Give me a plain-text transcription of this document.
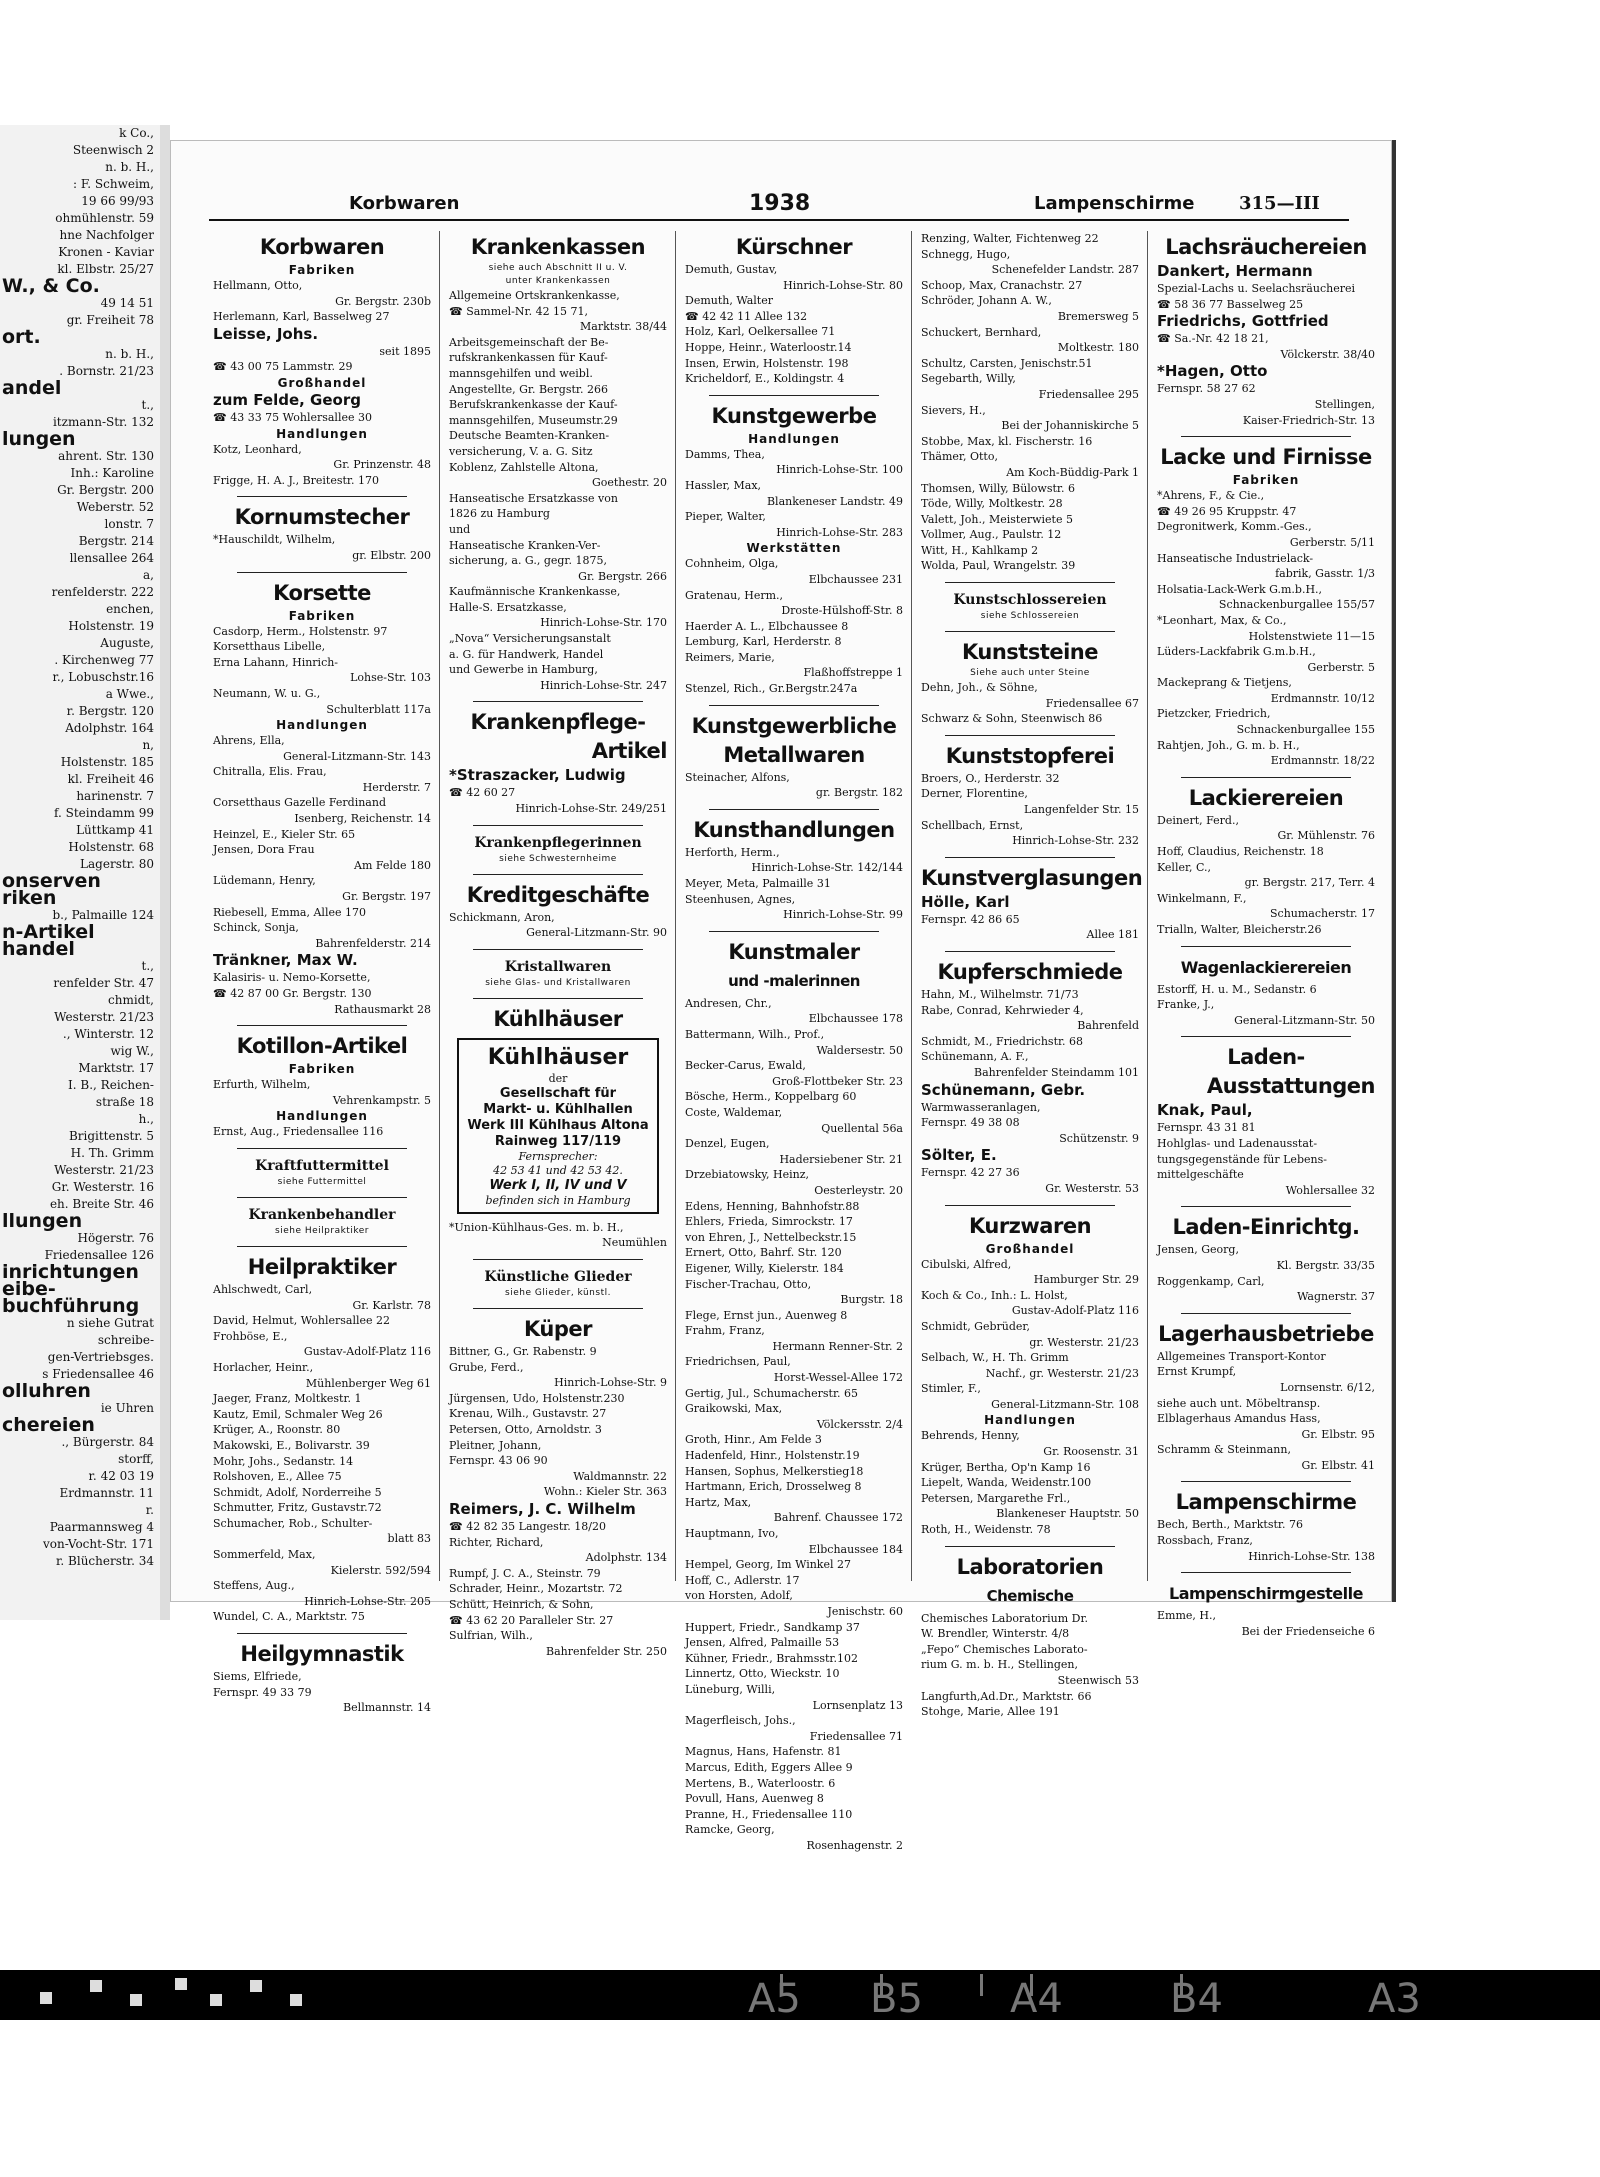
k Co.,
Steenwisch 2
n. b. H.,
: F. Schweim,
19 66 99/93
ohmühlenstr. 59
hne Nachfolger
Kronen - Kaviar
kl. Elbstr. 25/27
W., & Co.
49 14 51
gr. Freiheit 78
ort.
n. b. H.,
. Bornstr. 21/23
andel
t.,
itzmann-Str. 132
lungen
ahrent. Str. 130
Inh.: Karoline
Gr. Bergstr. 200
Weberstr. 52
lonstr. 7
Bergstr. 214
llensallee 264
a,
renfelderstr. 222
enchen,
Holstenstr. 19
Auguste,
. Kirchenweg 77
r., Lobuschstr.16
a Wwe.,
r. Bergstr. 120
Adolphstr. 164
n,
Holstenstr. 185
kl. Freiheit 46
harinenstr. 7
f. Steindamm 99
Lüttkamp 41
Holstenstr. 68
Lagerstr. 80
onserven
riken
b., Palmaille 124
n-Artikel
handel
t.,
renfelder Str. 47
chmidt,
Westerstr. 21/23
., Winterstr. 12
wig W.,
Marktstr. 17
I. B., Reichen-
straße 18
h.,
Brigittenstr. 5
H. Th. Grimm
Westerstr. 21/23
Gr. Westerstr. 16
eh. Breite Str. 46
llungen
Högerstr. 76
Friedensallee 126
inrichtungen
eibe-
buchführung
n siehe Gutrat
schreibe-
gen-Vertriebsges.
s Friedensallee 46
olluhren
ie Uhren
chereien
., Bürgerstr. 84
storff,
r. 42 03 19
Erdmannstr. 11
r.
Paarmannsweg 4
von-Vocht-Str. 171
r. Blücherstr. 34
Korbwaren	1938	Lampenschirme 315—III
Korbwaren
Fabriken
Hellmann, Otto,
Gr. Bergstr. 230b
Herlemann, Karl, Basselweg 27
Leisse, Johs.
seit 1895
☎ 43 00 75 Lammstr. 29
Großhandel
zum Felde, Georg
☎ 43 33 75 Wohlersallee 30
Handlungen
Kotz, Leonhard,
Gr. Prinzenstr. 48
Frigge, H. A. J., Breitestr. 170
Kornumstecher
*Hauschildt, Wilhelm,
gr. Elbstr. 200
Korsette
Fabriken
Casdorp, Herm., Holstenstr. 97
Korsetthaus Libelle,
Erna Lahann, Hinrich-
Lohse-Str. 103
Neumann, W. u. G.,
Schulterblatt 117a
Handlungen
Ahrens, Ella,
General-Litzmann-Str. 143
Chitralla, Elis. Frau,
Herderstr. 7
Corsetthaus Gazelle Ferdinand
Isenberg, Reichenstr. 14
Heinzel, E., Kieler Str. 65
Jensen, Dora Frau
Am Felde 180
Lüdemann, Henry,
Gr. Bergstr. 197
Riebesell, Emma, Allee 170
Schinck, Sonja,
Bahrenfelderstr. 214
Tränkner, Max W.
Kalasiris- u. Nemo-Korsette,
☎ 42 87 00 Gr. Bergstr. 130
Rathausmarkt 28
Kotillon-Artikel
Fabriken
Erfurth, Wilhelm,
Vehrenkampstr. 5
Handlungen
Ernst, Aug., Friedensallee 116
Kraftfuttermittel
siehe Futtermittel
Krankenbehandler
siehe Heilpraktiker
Heilpraktiker
Ahlschwedt, Carl,
Gr. Karlstr. 78
David, Helmut, Wohlersallee 22
Frohböse, E.,
Gustav-Adolf-Platz 116
Horlacher, Heinr.,
Mühlenberger Weg 61
Jaeger, Franz, Moltkestr. 1
Kautz, Emil, Schmaler Weg 26
Krüger, A., Roonstr. 80
Makowski, E., Bolivarstr. 39
Mohr, Johs., Sedanstr. 14
Rolshoven, E., Allee 75
Schmidt, Adolf, Norderreihe 5
Schmutter, Fritz, Gustavstr.72
Schumacher, Rob., Schulter-
blatt 83
Sommerfeld, Max,
Kielerstr. 592/594
Steffens, Aug.,
Hinrich-Lohse-Str. 205
Wundel, C. A., Marktstr. 75
Heilgymnastik
Siems, Elfriede,
Fernspr. 49 33 79
Bellmannstr. 14
Krankenkassen
siehe auch Abschnitt II u. V.
unter Krankenkassen
Allgemeine Ortskrankenkasse,
☎ Sammel-Nr. 42 15 71,
Marktstr. 38/44
Arbeitsgemeinschaft der Be-
rufskrankenkassen für Kauf-
mannsgehilfen und weibl.
Angestellte, Gr. Bergstr. 266
Berufskrankenkasse der Kauf-
mannsgehilfen, Museumstr.29
Deutsche Beamten-Kranken-
versicherung, V. a. G. Sitz
Koblenz, Zahlstelle Altona,
Goethestr. 20
Hanseatische Ersatzkasse von
1826 zu Hamburg
und
Hanseatische Kranken-Ver-
sicherung, a. G., gegr. 1875,
Gr. Bergstr. 266
Kaufmännische Krankenkasse,
Halle-S. Ersatzkasse,
Hinrich-Lohse-Str. 170
„Nova“ Versicherungsanstalt
a. G. für Handwerk, Handel
und Gewerbe in Hamburg,
Hinrich-Lohse-Str. 247
Krankenpflege-
Artikel
*Straszacker, Ludwig
☎ 42 60 27
Hinrich-Lohse-Str. 249/251
Krankenpflegerinnen
siehe Schwesternheime
Kreditgeschäfte
Schickmann, Aron,
General-Litzmann-Str. 90
Kristallwaren
siehe Glas- und Kristallwaren
Kühlhäuser
Kühlhäuser
der
Gesellschaft für
Markt- u. Kühlhallen
Werk III Kühlhaus Altona
Rainweg 117/119
Fernsprecher:
42 53 41 und 42 53 42.
Werk I, II, IV und V
befinden sich in Hamburg
*Union-Kühlhaus-Ges. m. b. H.,
Neumühlen
Künstliche Glieder
siehe Glieder, künstl.
Küper
Bittner, G., Gr. Rabenstr. 9
Grube, Ferd.,
Hinrich-Lohse-Str. 9
Jürgensen, Udo, Holstenstr.230
Krenau, Wilh., Gustavstr. 27
Petersen, Otto, Arnoldstr. 3
Pleitner, Johann,
Fernspr. 43 06 90
Waldmannstr. 22
Wohn.: Kieler Str. 363
Reimers, J. C. Wilhelm
☎ 42 82 35 Langestr. 18/20
Richter, Richard,
Adolphstr. 134
Rumpf, J. C. A., Steinstr. 79
Schrader, Heinr., Mozartstr. 72
Schütt, Heinrich, & Sohn,
☎ 43 62 20 Paralleler Str. 27
Sulfrian, Wilh.,
Bahrenfelder Str. 250
Kürschner
Demuth, Gustav,
Hinrich-Lohse-Str. 80
Demuth, Walter
☎ 42 42 11 Allee 132
Holz, Karl, Oelkersallee 71
Hoppe, Heinr., Waterloostr.14
Insen, Erwin, Holstenstr. 198
Kricheldorf, E., Koldingstr. 4
Kunstgewerbe
Handlungen
Damms, Thea,
Hinrich-Lohse-Str. 100
Hassler, Max,
Blankeneser Landstr. 49
Pieper, Walter,
Hinrich-Lohse-Str. 283
Werkstätten
Cohnheim, Olga,
Elbchaussee 231
Gratenau, Herm.,
Droste-Hülshoff-Str. 8
Haerder A. L., Elbchaussee 8
Lemburg, Karl, Herderstr. 8
Reimers, Marie,
Flaßhoffstreppe 1
Stenzel, Rich., Gr.Bergstr.247a
Kunstgewerbliche
Metallwaren
Steinacher, Alfons,
gr. Bergstr. 182
Kunsthandlungen
Herforth, Herm.,
Hinrich-Lohse-Str. 142/144
Meyer, Meta, Palmaille 31
Steenhusen, Agnes,
Hinrich-Lohse-Str. 99
Kunstmaler
und -malerinnen
Andresen, Chr.,
Elbchaussee 178
Battermann, Wilh., Prof.,
Waldersestr. 50
Becker-Carus, Ewald,
Groß-Flottbeker Str. 23
Bösche, Herm., Koppelbarg 60
Coste, Waldemar,
Quellental 56a
Denzel, Eugen,
Hadersiebener Str. 21
Drzebiatowsky, Heinz,
Oesterleystr. 20
Edens, Henning, Bahnhofstr.88
Ehlers, Frieda, Simrockstr. 17
von Ehren, J., Nettelbeckstr.15
Ernert, Otto, Bahrf. Str. 120
Eigener, Willy, Kielerstr. 184
Fischer-Trachau, Otto,
Burgstr. 18
Flege, Ernst jun., Auenweg 8
Frahm, Franz,
Hermann Renner-Str. 2
Friedrichsen, Paul,
Horst-Wessel-Allee 172
Gertig, Jul., Schumacherstr. 65
Graikowski, Max,
Völckersstr. 2/4
Groth, Hinr., Am Felde 3
Hadenfeld, Hinr., Holstenstr.19
Hansen, Sophus, Melkerstieg18
Hartmann, Erich, Drosselweg 8
Hartz, Max,
Bahrenf. Chaussee 172
Hauptmann, Ivo,
Elbchaussee 184
Hempel, Georg, Im Winkel 27
Hoff, C., Adlerstr. 17
von Horsten, Adolf,
Jenischstr. 60
Huppert, Friedr., Sandkamp 37
Jensen, Alfred, Palmaille 53
Kühner, Friedr., Brahmsstr.102
Linnertz, Otto, Wieckstr. 10
Lüneburg, Willi,
Lornsenplatz 13
Magerfleisch, Johs.,
Friedensallee 71
Magnus, Hans, Hafenstr. 81
Marcus, Edith, Eggers Allee 9
Mertens, B., Waterloostr. 6
Povull, Hans, Auenweg 8
Pranne, H., Friedensallee 110
Ramcke, Georg,
Rosenhagenstr. 2
Renzing, Walter, Fichtenweg 22
Schnegg, Hugo,
Schenefelder Landstr. 287
Schoop, Max, Cranachstr. 27
Schröder, Johann A. W.,
Bremersweg 5
Schuckert, Bernhard,
Moltkestr. 180
Schultz, Carsten, Jenischstr.51
Segebarth, Willy,
Friedensallee 295
Sievers, H.,
Bei der Johanniskirche 5
Stobbe, Max, kl. Fischerstr. 16
Thämer, Otto,
Am Koch-Büddig-Park 1
Thomsen, Willy, Bülowstr. 6
Töde, Willy, Moltkestr. 28
Valett, Joh., Meisterwiete 5
Vollmer, Aug., Paulstr. 12
Witt, H., Kahlkamp 2
Wolda, Paul, Wrangelstr. 39
Kunstschlossereien
siehe Schlossereien
Kunststeine
Siehe auch unter Steine
Dehn, Joh., & Söhne,
Friedensallee 67
Schwarz & Sohn, Steenwisch 86
Kunststopferei
Broers, O., Herderstr. 32
Derner, Florentine,
Langenfelder Str. 15
Schellbach, Ernst,
Hinrich-Lohse-Str. 232
Kunstverglasungen
Hölle, Karl
Fernspr. 42 86 65
Allee 181
Kupferschmiede
Hahn, M., Wilhelmstr. 71/73
Rabe, Conrad, Kehrwieder 4,
Bahrenfeld
Schmidt, M., Friedrichstr. 68
Schünemann, A. F.,
Bahrenfelder Steindamm 101
Schünemann, Gebr.
Warmwasseranlagen,
Fernspr. 49 38 08
Schützenstr. 9
Sölter, E.
Fernspr. 42 27 36
Gr. Westerstr. 53
Kurzwaren
Großhandel
Cibulski, Alfred,
Hamburger Str. 29
Koch & Co., Inh.: L. Holst,
Gustav-Adolf-Platz 116
Schmidt, Gebrüder,
gr. Westerstr. 21/23
Selbach, W., H. Th. Grimm
Nachf., gr. Westerstr. 21/23
Stimler, F.,
General-Litzmann-Str. 108
Handlungen
Behrends, Henny,
Gr. Roosenstr. 31
Krüger, Bertha, Op'n Kamp 16
Liepelt, Wanda, Weidenstr.100
Petersen, Margarethe Frl.,
Blankeneser Hauptstr. 50
Roth, H., Weidenstr. 78
Laboratorien
Chemische
Chemisches Laboratorium Dr.
W. Brendler, Winterstr. 4/8
„Fepo“ Chemisches Laborato-
rium G. m. b. H., Stellingen,
Steenwisch 53
Langfurth,Ad.Dr., Marktstr. 66
Stohge, Marie, Allee 191
Lachsräuchereien
Dankert, Hermann
Spezial-Lachs u. Seelachsräucherei
☎ 58 36 77 Basselweg 25
Friedrichs, Gottfried
☎ Sa.-Nr. 42 18 21,
Völckerstr. 38/40
*Hagen, Otto
Fernspr. 58 27 62
Stellingen,
Kaiser-Friedrich-Str. 13
Lacke und Firnisse
Fabriken
*Ahrens, F., & Cie.,
☎ 49 26 95 Kruppstr. 47
Degronitwerk, Komm.-Ges.,
Gerberstr. 5/11
Hanseatische Industrielack-
fabrik, Gasstr. 1/3
Holsatia-Lack-Werk G.m.b.H.,
Schnackenburgallee 155/57
*Leonhart, Max, & Co.,
Holstenstwiete 11—15
Lüders-Lackfabrik G.m.b.H.,
Gerberstr. 5
Mackeprang & Tietjens,
Erdmannstr. 10/12
Pietzcker, Friedrich,
Schnackenburgallee 155
Rahtjen, Joh., G. m. b. H.,
Erdmannstr. 18/22
Lackierereien
Deinert, Ferd.,
Gr. Mühlenstr. 76
Hoff, Claudius, Reichenstr. 18
Keller, C.,
gr. Bergstr. 217, Terr. 4
Winkelmann, F.,
Schumacherstr. 17
Trialln, Walter, Bleicherstr.26
Wagenlackierereien
Estorff, H. u. M., Sedanstr. 6
Franke, J.,
General-Litzmann-Str. 50
Laden-
Ausstattungen
Knak, Paul,
Fernspr. 43 31 81
Hohlglas- und Ladenausstat-
tungsgegenstände für Lebens-
mittelgeschäfte
Wohlersallee 32
Laden-Einrichtg.
Jensen, Georg,
Kl. Bergstr. 33/35
Roggenkamp, Carl,
Wagnerstr. 37
Lagerhausbetriebe
Allgemeines Transport-Kontor
Ernst Krumpf,
Lornsenstr. 6/12,
siehe auch unt. Möbeltransp.
Elblagerhaus Amandus Hass,
Gr. Elbstr. 95
Schramm & Steinmann,
Gr. Elbstr. 41
Lampenschirme
Bech, Berth., Marktstr. 76
Rossbach, Franz,
Hinrich-Lohse-Str. 138
Lampenschirmgestelle
Emme, H.,
Bei der Friedenseiche 6
A5 B5 A4	B4	A3
